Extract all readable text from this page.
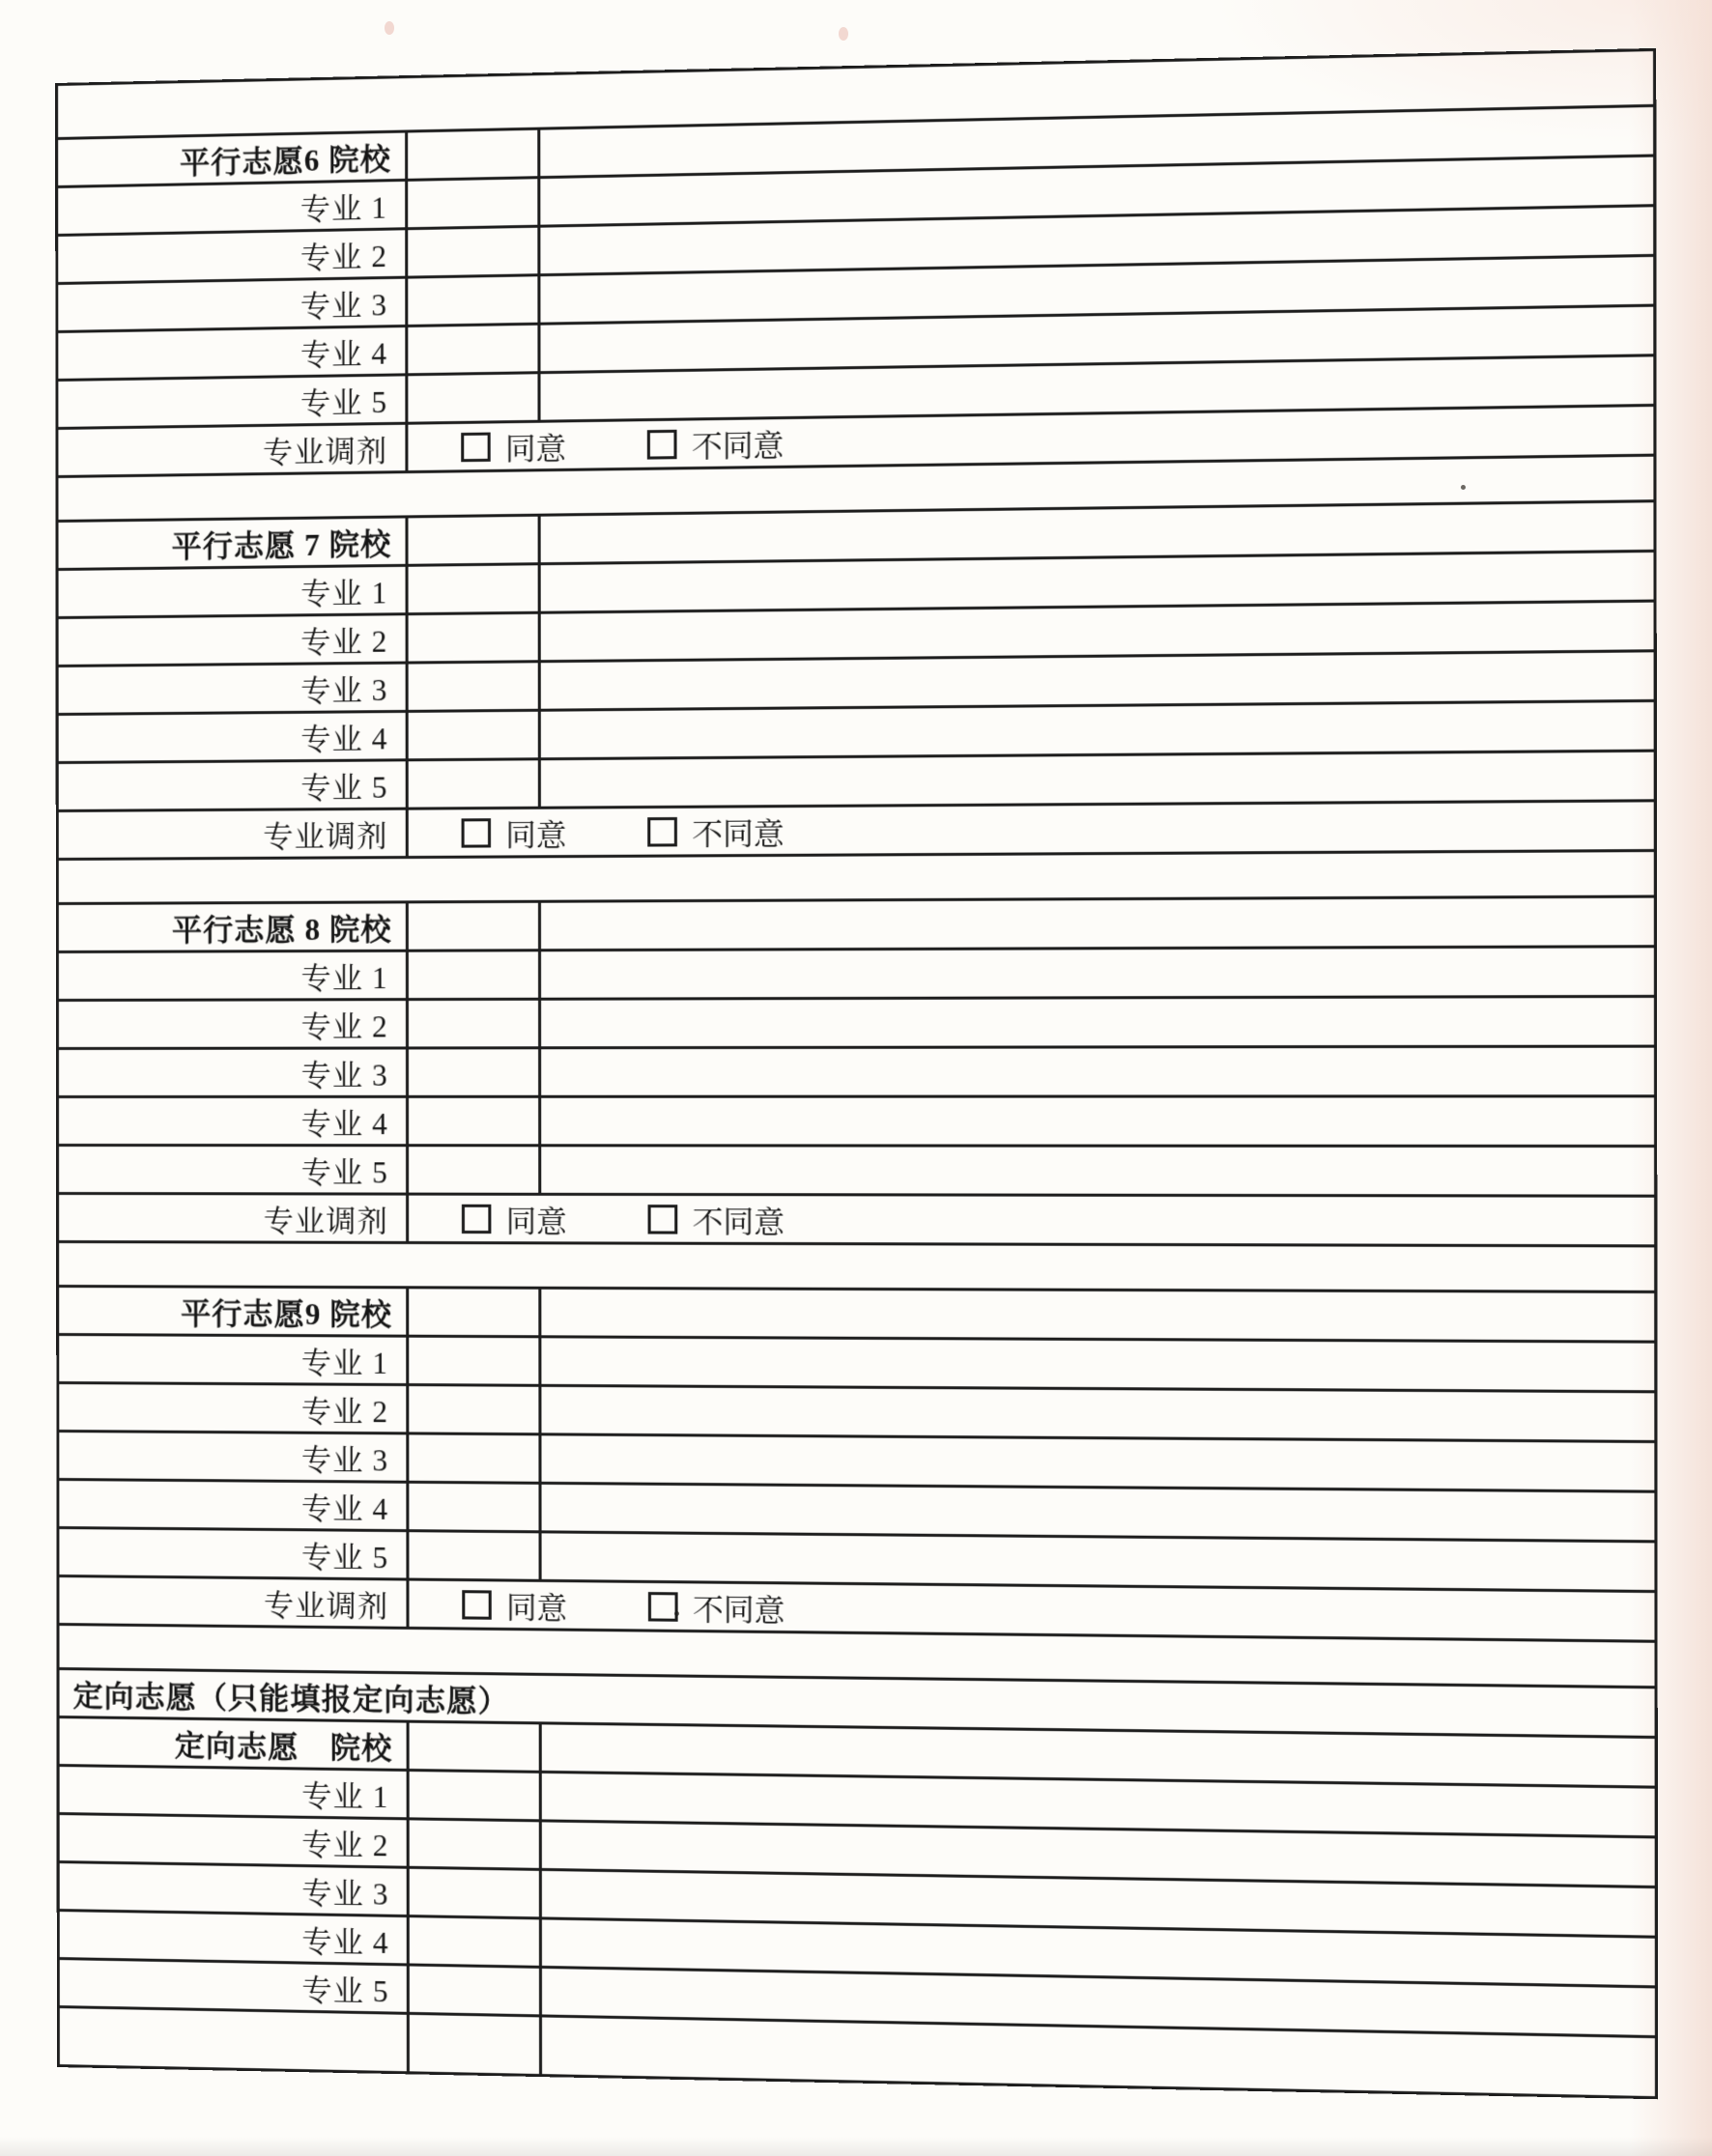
平行志愿6 院校
专业 1
专业 2
专业 3
专业 4
专业 5
专业调剂	同意	不同意
平行志愿 7 院校
专业 1
专业 2
专业 3
专业 4
专业 5
专业调剂	同意	不同意
平行志愿 8 院校
专业 1
专业 2
专业 3
专业 4
专业 5
专业调剂	同意	不同意
平行志愿9 院校
专业 1
专业 2
专业 3
专业 4
专业 5
专业调剂	同意	不同意
定向志愿（只能填报定向志愿）
定向志愿　院校
专业 1
专业 2
专业 3
专业 4
专业 5
